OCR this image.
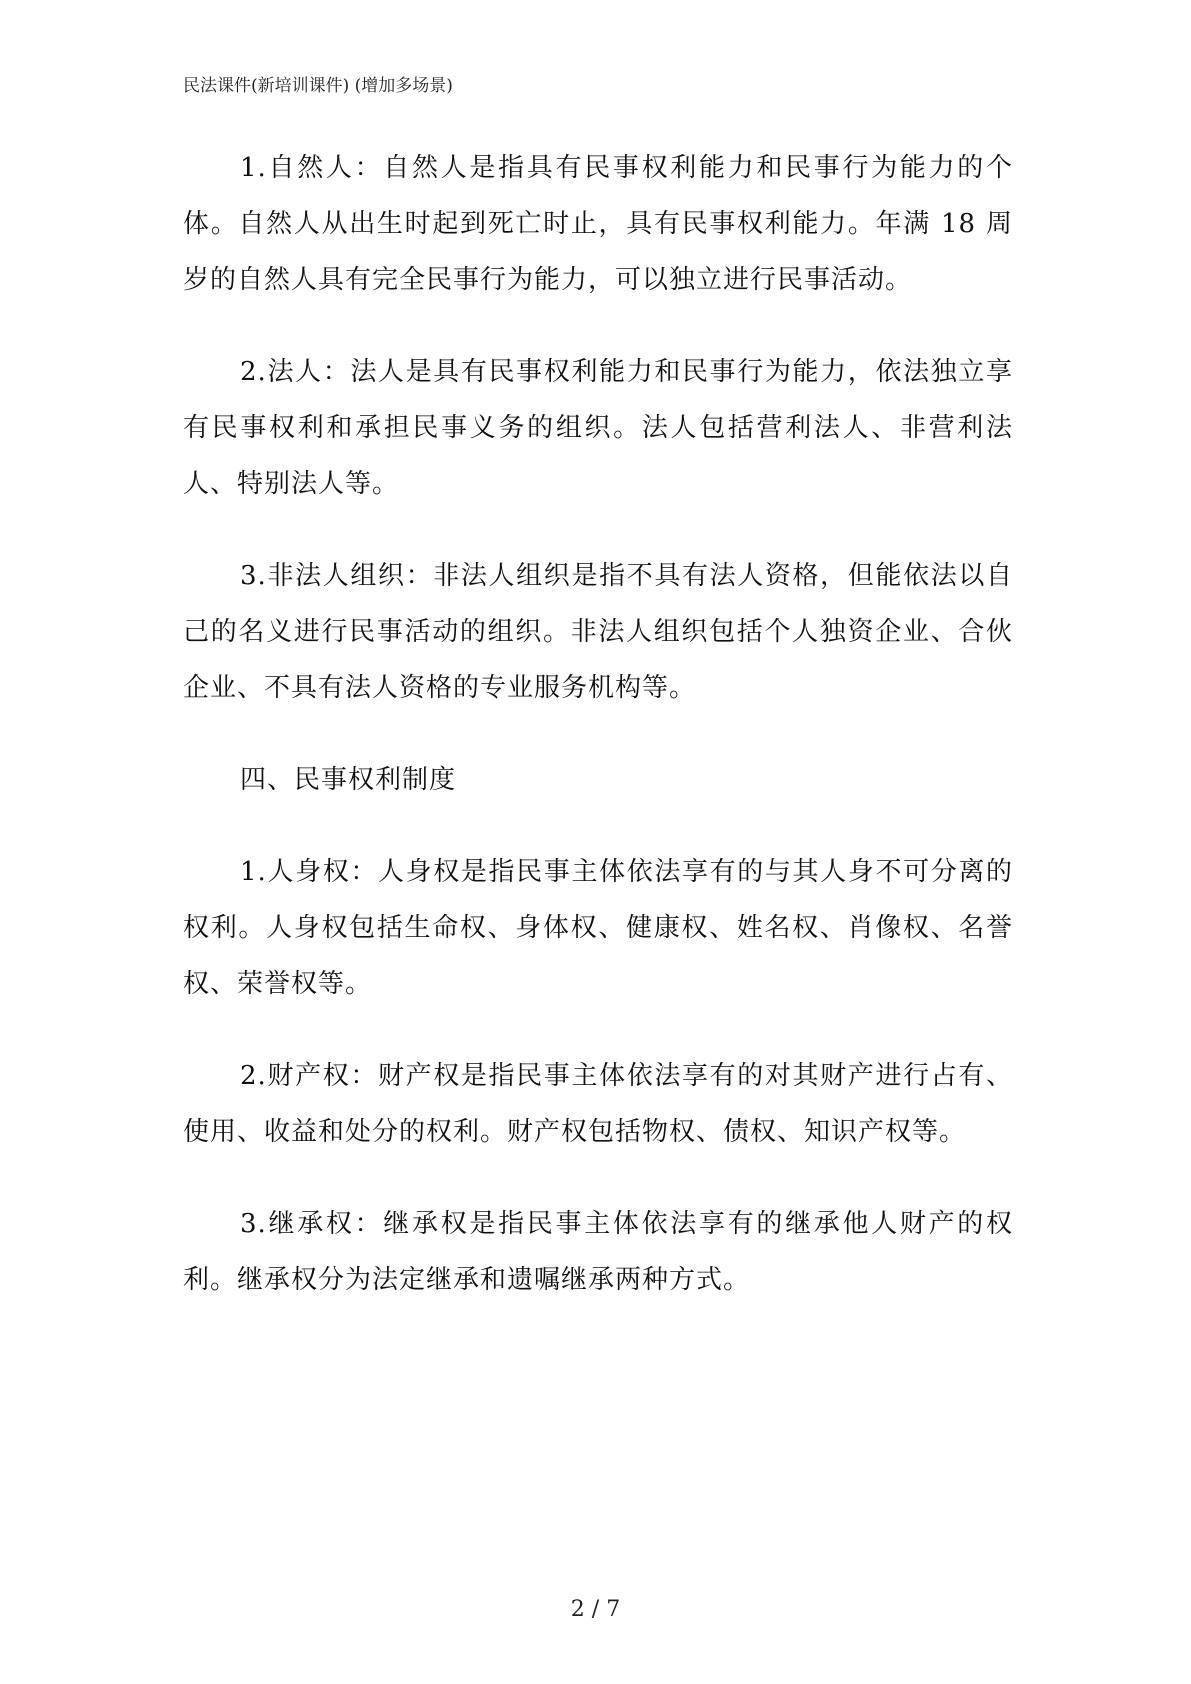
民法课件(新培训课件) (增加多场景)

1.自然人：自然人是指具有民事权利能力和民事行为能力的个体。自然人从出生时起到死亡时止，具有民事权利能力。年满 18 周岁的自然人具有完全民事行为能力，可以独立进行民事活动。

2.法人：法人是具有民事权利能力和民事行为能力，依法独立享有民事权利和承担民事义务的组织。法人包括营利法人、非营利法人、特别法人等。

3.非法人组织：非法人组织是指不具有法人资格，但能依法以自己的名义进行民事活动的组织。非法人组织包括个人独资企业、合伙企业、不具有法人资格的专业服务机构等。

四、民事权利制度

1.人身权：人身权是指民事主体依法享有的与其人身不可分离的权利。人身权包括生命权、身体权、健康权、姓名权、肖像权、名誉权、荣誉权等。

2.财产权：财产权是指民事主体依法享有的对其财产进行占有、使用、收益和处分的权利。财产权包括物权、债权、知识产权等。

3.继承权：继承权是指民事主体依法享有的继承他人财产的权利。继承权分为法定继承和遗嘱继承两种方式。

2 / 7
